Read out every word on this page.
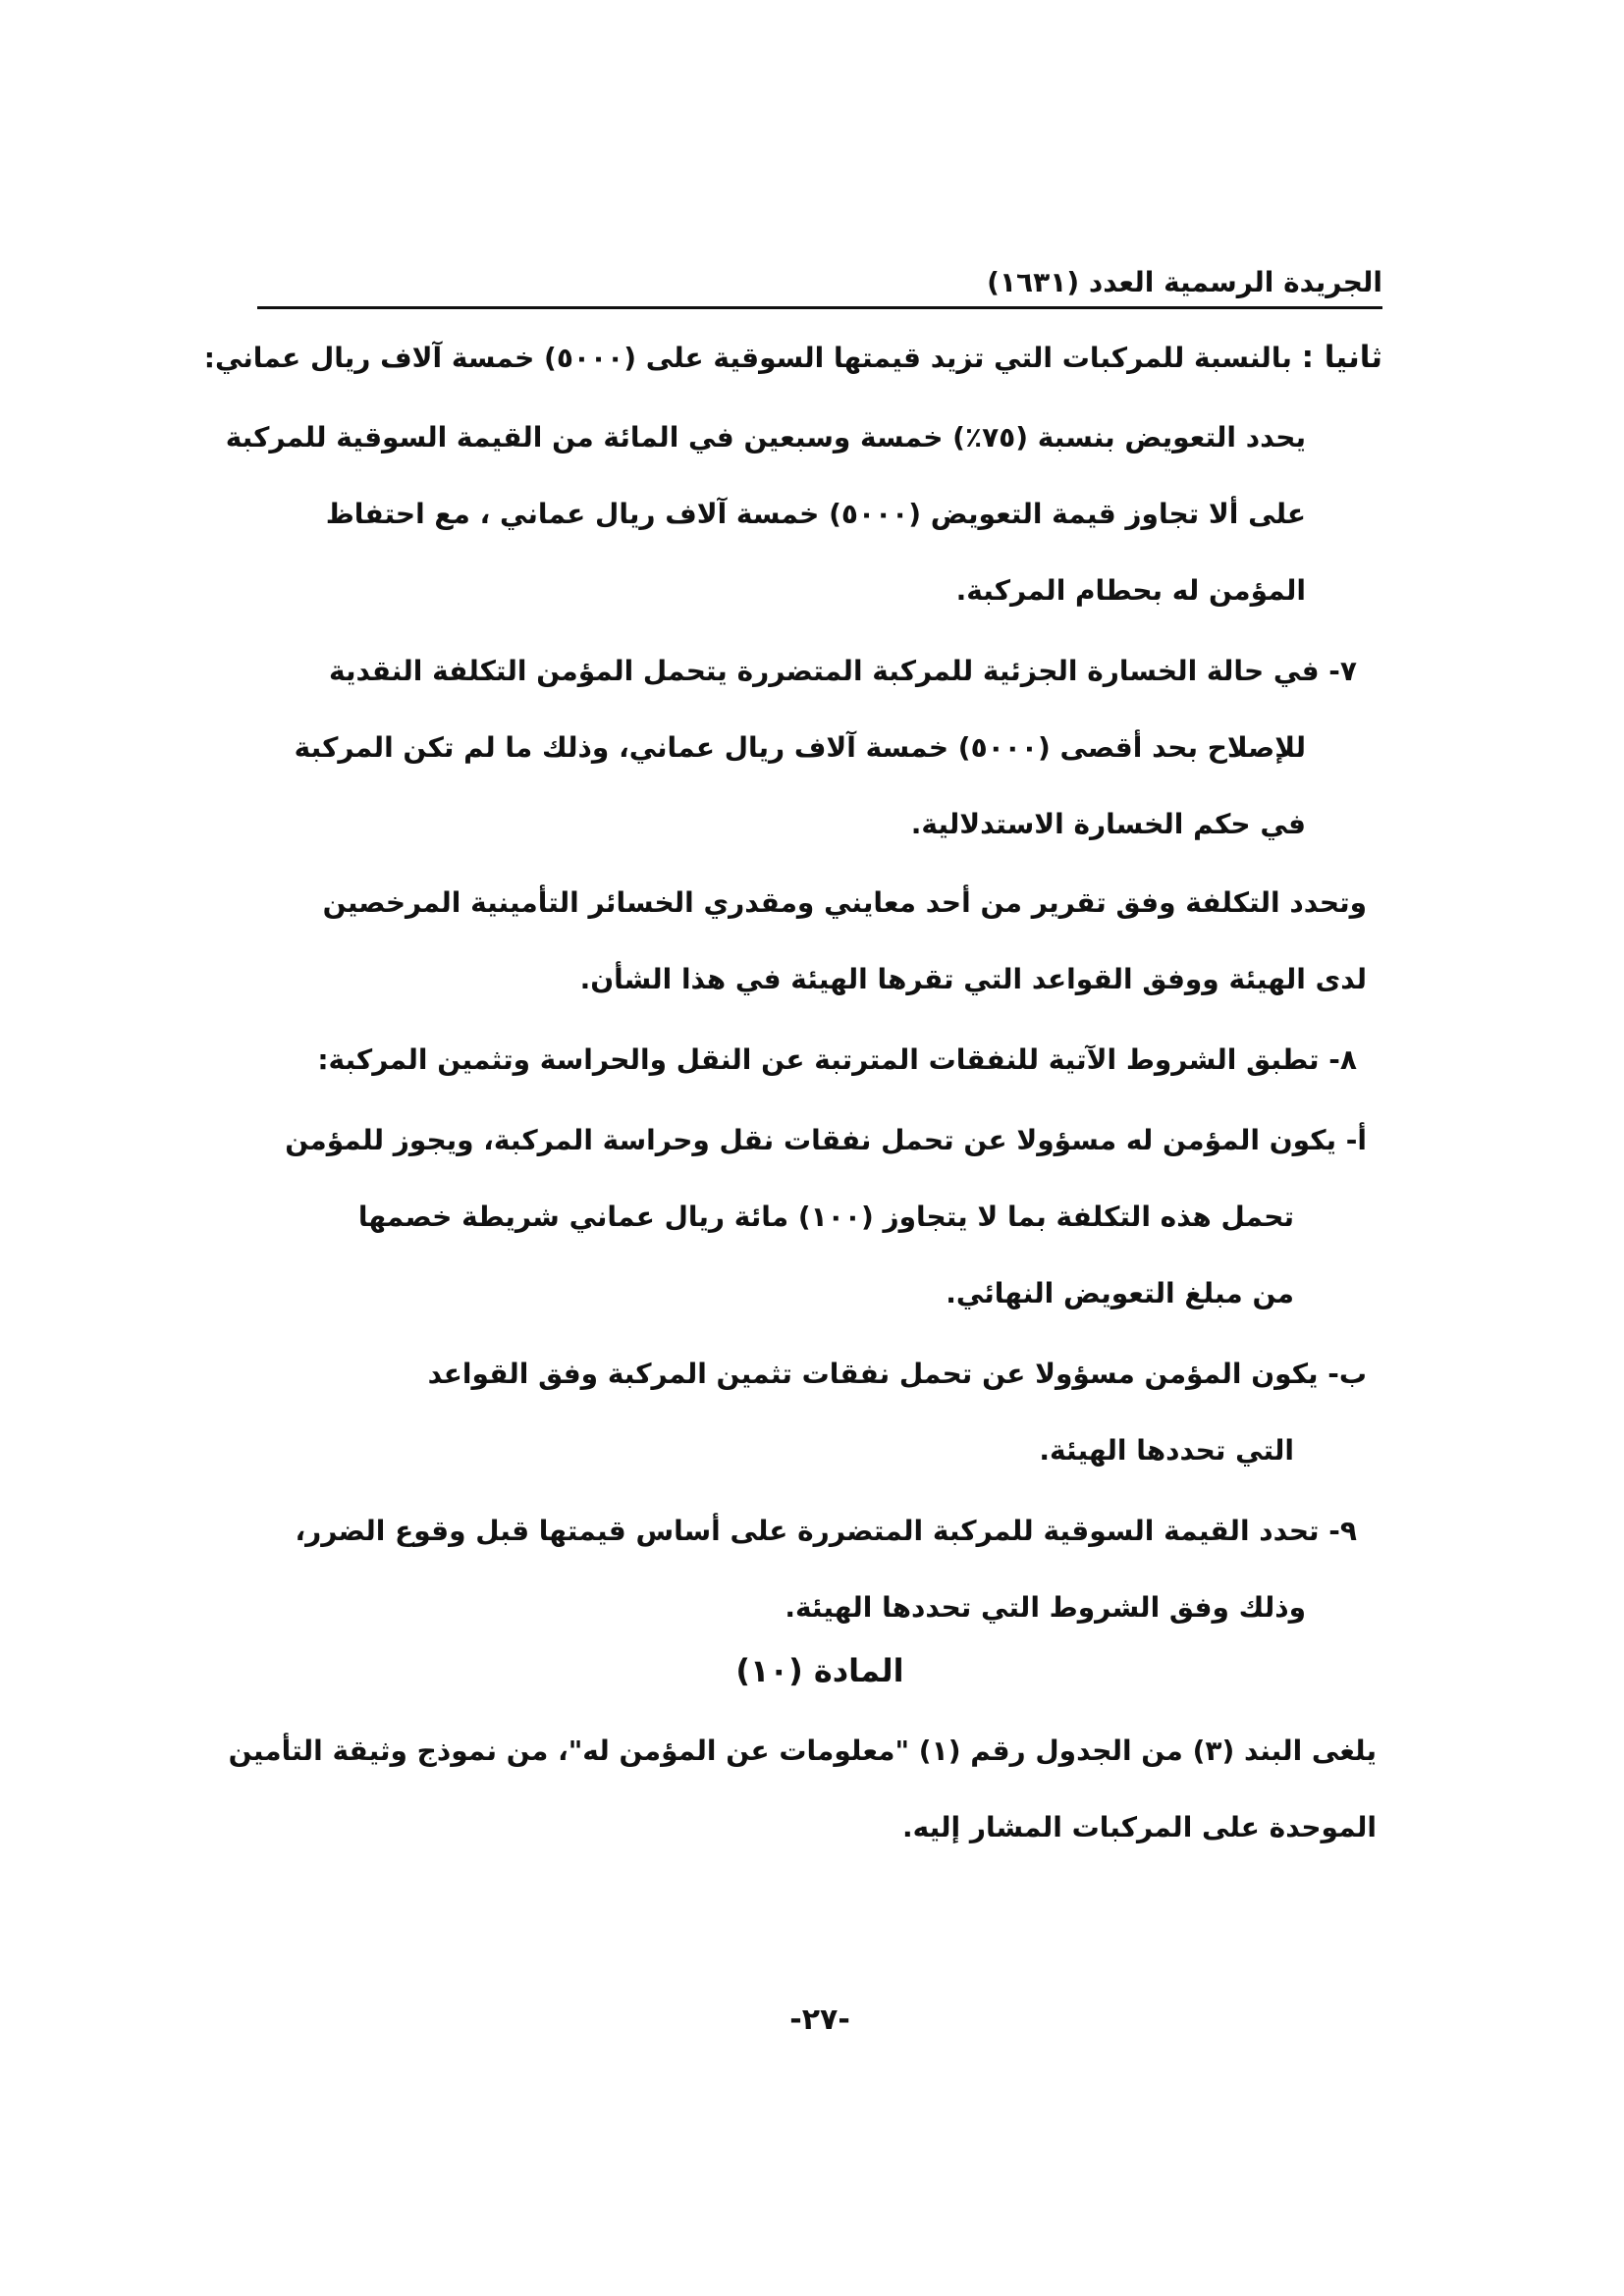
الجريدة الرسمية العدد (١٦٣١)
ثانيا : بالنسبة للمركبات التي تزيد قيمتها السوقية على (٥٠٠٠) خمسة آلاف ريال عماني:
يحدد التعويض بنسبة (٧٥٪) خمسة وسبعين في المائة من القيمة السوقية للمركبة
على ألا تجاوز قيمة التعويض (٥٠٠٠) خمسة آلاف ريال عماني ، مع احتفاظ
المؤمن له بحطام المركبة.
٧- في حالة الخسارة الجزئية للمركبة المتضررة يتحمل المؤمن التكلفة النقدية
للإصلاح بحد أقصى (٥٠٠٠) خمسة آلاف ريال عماني، وذلك ما لم تكن المركبة
في حكم الخسارة الاستدلالية.
وتحدد التكلفة وفق تقرير من أحد معايني ومقدري الخسائر التأمينية المرخصين
لدى الهيئة ووفق القواعد التي تقرها الهيئة في هذا الشأن.
٨- تطبق الشروط الآتية للنفقات المترتبة عن النقل والحراسة وتثمين المركبة:
أ- يكون المؤمن له مسؤولا عن تحمل نفقات نقل وحراسة المركبة، ويجوز للمؤمن
تحمل هذه التكلفة بما لا يتجاوز (١٠٠) مائة ريال عماني شريطة خصمها
من مبلغ التعويض النهائي.
ب- يكون المؤمن مسؤولا عن تحمل نفقات تثمين المركبة وفق القواعد
التي تحددها الهيئة.
٩- تحدد القيمة السوقية للمركبة المتضررة على أساس قيمتها قبل وقوع الضرر،
وذلك وفق الشروط التي تحددها الهيئة.
المادة (١٠)
يلغى البند (٣) من الجدول رقم (١) "معلومات عن المؤمن له"، من نموذج وثيقة التأمين
الموحدة على المركبات المشار إليه.
-٢٧-
